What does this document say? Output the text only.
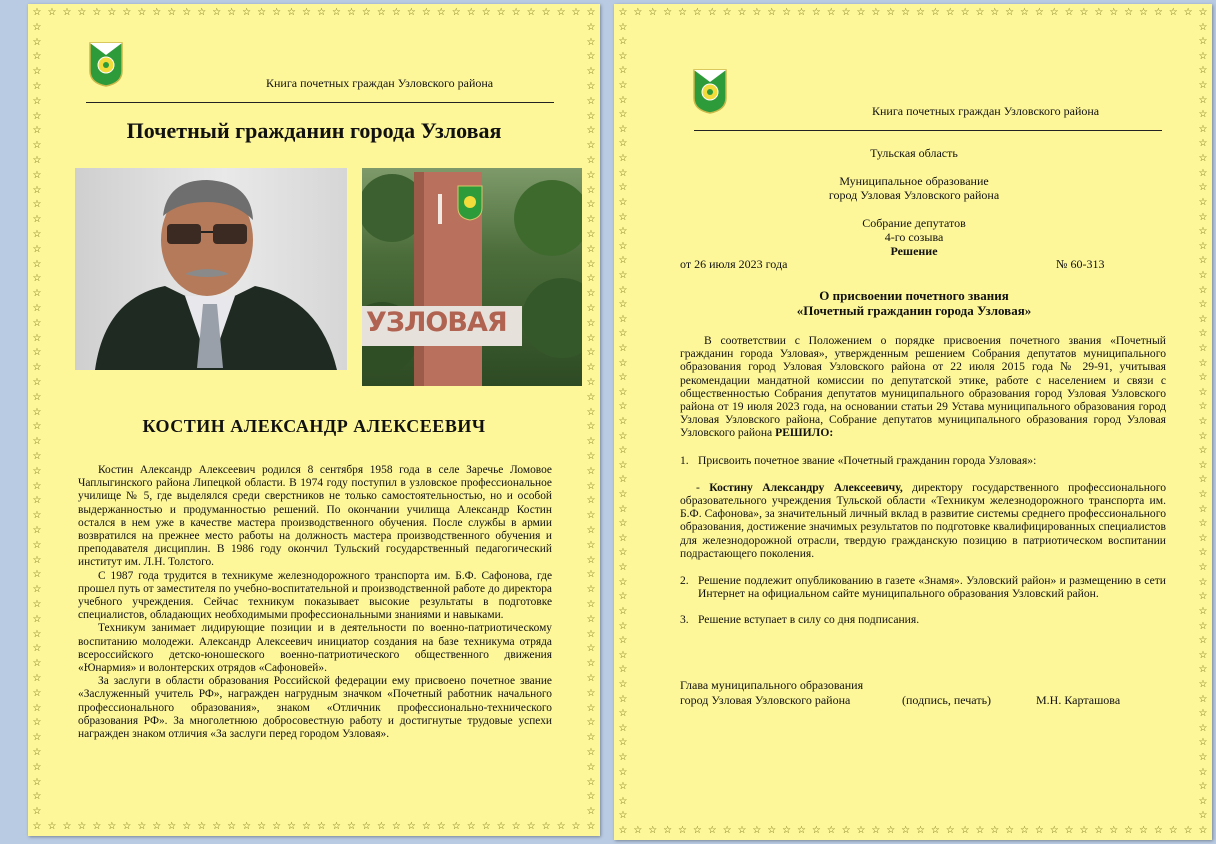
☆
☆
☆
☆
☆
☆
☆
☆
☆
☆
☆
☆
☆
☆
☆
☆
☆
☆
☆
☆
☆
☆
☆
☆
☆
☆
☆
☆
☆
☆
☆
☆
☆
☆
☆
☆
☆
☆
☆
☆
☆
☆
☆
☆
☆
☆
☆
☆
☆
☆
☆
☆
☆
☆
☆
☆
☆
☆
☆
☆
☆
☆
☆
☆
☆
☆
☆
☆
☆
☆
☆
☆
☆
☆
☆
☆
☆	☆
☆	☆
☆	☆
☆	☆
☆	☆
☆	☆
☆	☆
☆	☆
☆	☆
☆	☆
☆	☆
☆	☆
☆	☆
☆	☆
☆	☆
☆	☆
☆	☆
☆	☆
☆	☆
☆	☆
☆	☆
☆	☆
☆	☆
☆	☆
☆	☆
☆	☆
☆	☆
☆	☆
☆	☆
☆	☆
☆	☆
☆	☆
☆	☆
☆	☆
☆	☆
☆	☆
☆	☆
☆	☆
☆	☆
☆	☆
☆	☆
☆	☆
☆	☆
☆	☆
☆	☆
☆	☆
☆	☆
☆	☆
☆	☆
☆	☆
☆	☆
☆	☆
☆	☆
☆	☆
Книга почетных граждан Узловского района
Почетный гражданин города Узловая
УЗЛОВАЯ
КОСТИН АЛЕКСАНДР АЛЕКСЕЕВИЧ

Костин Александр Алексеевич родился 8 сентября 1958 года в селе Заречье Ломовое Чаплыгинского района Липецкой области. В 1974 году поступил в узловское профессиональное училище № 5, где выделялся среди сверстников не только самостоятельностью, но и особой выдержанностью и продуманностью решений. По окончании училища Александр Костин остался в нем уже в качестве мастера производственного обучения. После службы в армии возвратился на прежнее место работы на должность мастера производственного обучения и преподавателя дисциплин. В 1986 году окончил Тульский государственный педагогический институт им. Л.Н. Толстого.

С 1987 года трудится в техникуме железнодорожного транспорта им. Б.Ф. Сафонова, где прошел путь от заместителя по учебно-воспитательной и производственной работе до директора учебного учреждения. Сейчас техникум показывает высокие результаты в подготовке специалистов, обладающих необходимыми профессиональными знаниями и навыками.

Техникум занимает лидирующие позиции и в деятельности по военно-патриотическому воспитанию молодежи. Александр Алексеевич инициатор создания на базе техникума отряда всероссийского детско-юношеского военно-патриотического общественного движения «Юнармия» и волонтерских отрядов «Сафоновей».

За заслуги в области образования Российской федерации ему присвоено почетное звание «Заслуженный учитель РФ», награжден нагрудным значком «Почетный работник начального профессионального образования», знаком «Отличник профессионально-технического образования РФ». За многолетнюю добросовестную работу и достигнутые трудовые успехи награжден знаком отличия «За заслуги перед городом Узловая».

☆
☆
☆
☆
☆
☆
☆
☆
☆
☆
☆
☆
☆
☆
☆
☆
☆
☆
☆
☆
☆
☆
☆
☆
☆
☆
☆
☆
☆
☆
☆
☆
☆
☆
☆
☆
☆
☆
☆
☆
☆
☆
☆
☆
☆
☆
☆
☆
☆
☆
☆
☆
☆
☆
☆
☆
☆
☆
☆
☆
☆
☆
☆
☆
☆
☆
☆
☆
☆
☆
☆
☆
☆
☆
☆
☆
☆
☆
☆
☆
☆	☆
☆	☆
☆	☆
☆	☆
☆	☆
☆	☆
☆	☆
☆	☆
☆	☆
☆	☆
☆	☆
☆	☆
☆	☆
☆	☆
☆	☆
☆	☆
☆	☆
☆	☆
☆	☆
☆	☆
☆	☆
☆	☆
☆	☆
☆	☆
☆	☆
☆	☆
☆	☆
☆	☆
☆	☆
☆	☆
☆	☆
☆	☆
☆	☆
☆	☆
☆	☆
☆	☆
☆	☆
☆	☆
☆	☆
☆	☆
☆	☆
☆	☆
☆	☆
☆	☆
☆	☆
☆	☆
☆	☆
☆	☆
☆	☆
☆	☆
☆	☆
☆	☆
☆	☆
☆	☆
☆	☆
Книга почетных граждан Узловского района
Тульская область
Муниципальное образование
город Узловая Узловского района
Собрание депутатов
4-го созыва
Решение
от 26 июля 2023 года	№ 60-313
О присвоении почетного звания
«Почетный гражданин города Узловая»

В соответствии с Положением о порядке присвоения почетного звания «Почетный гражданин города Узловая», утвержденным решением Собрания депутатов муниципального образования город Узловая Узловского района от 22 июля 2015 года № 29-91, учитывая рекомендации мандатной комиссии по депутатской этике, работе с населением и связи с общественностью Собрания депутатов муниципального образования город Узловая Узловского района от 19 июля 2023 года, на основании статьи 29 Устава муниципального образования город Узловая Узловского района, Собрание депутатов муниципального образования город Узловая Узловского района РЕШИЛО:

1. Присвоить почетное звание «Почетный гражданин города Узловая»:

- Костину Александру Алексеевичу, директору государственного профессионального образовательного учреждения Тульской области «Техникум железнодорожного транспорта им. Б.Ф. Сафонова», за значительный личный вклад в развитие системы среднего профессионального образования, достижение значимых результатов по подготовке квалифицированных специалистов для железнодорожной отрасли, твердую гражданскую позицию в патриотическом воспитании подрастающего поколения.

2. Решение подлежит опубликованию в газете «Знамя». Узловский район» и размещению в сети Интернет на официальном сайте муниципального образования Узловский район.

3. Решение вступает в силу со дня подписания.

Глава муниципального образования
город Узловая Узловского района	(подпись, печать)	М.Н. Карташова
